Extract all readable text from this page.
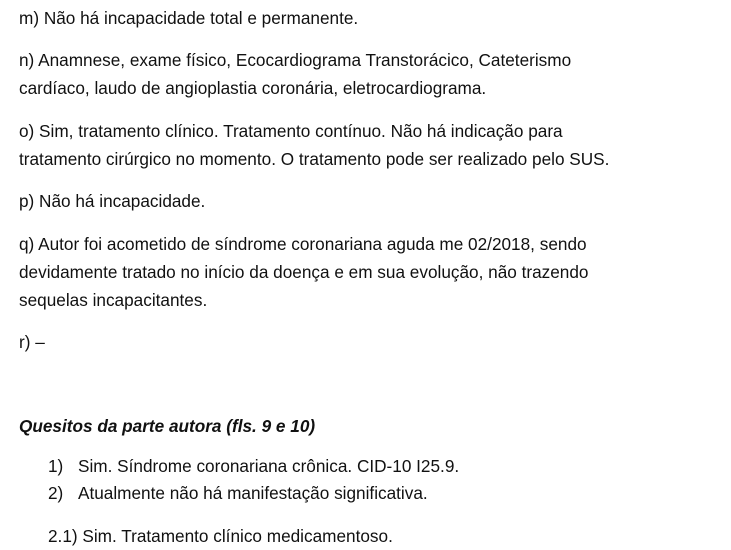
m) Não há incapacidade total e permanente.

n) Anamnese, exame físico, Ecocardiograma Transtorácico, Cateterismo
cardíaco, laudo de angioplastia coronária, eletrocardiograma.

o) Sim, tratamento clínico. Tratamento contínuo. Não há indicação para
tratamento cirúrgico no momento. O tratamento pode ser realizado pelo SUS.

p) Não há incapacidade.

q) Autor foi acometido de síndrome coronariana aguda me 02/2018, sendo
devidamente tratado no início da doença e em sua evolução, não trazendo
sequelas incapacitantes.

r) –

Quesitos da parte autora (fls. 9 e 10)

1) Sim. Síndrome coronariana crônica. CID-10 I25.9.
2) Atualmente não há manifestação significativa.

2.1) Sim. Tratamento clínico medicamentoso.
